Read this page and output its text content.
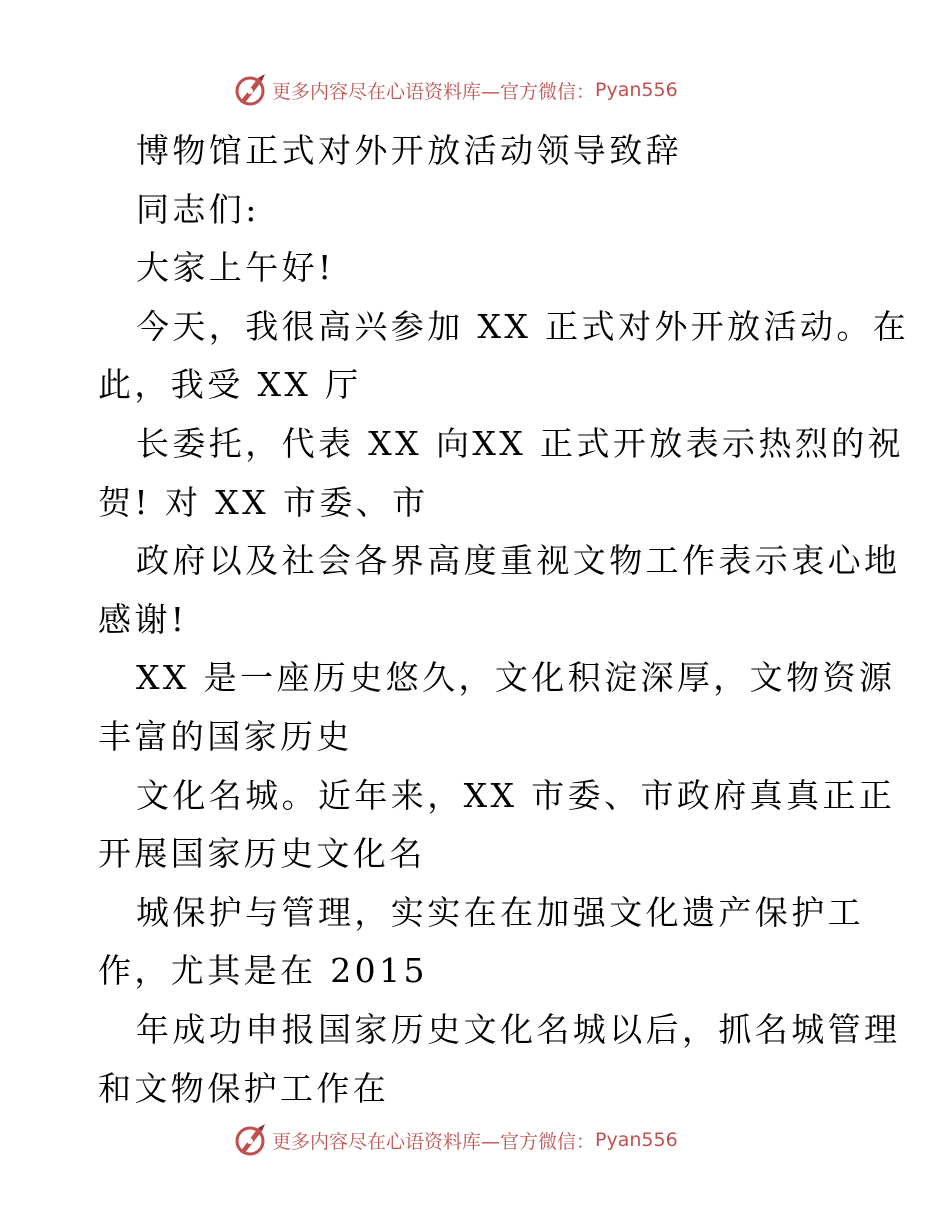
更多内容尽在心语资料库—官方微信： Pyan556
博物馆正式对外开放活动领导致辞
同志们:
大家上午好!
今天，我很高兴参加 XX 正式对外开放活动。在
此，我受 XX 厅
长委托，代表 XX 向XX 正式开放表示热烈的祝
贺! 对 XX 市委、市
政府以及社会各界高度重视文物工作表示衷心地
感谢!
XX 是一座历史悠久，文化积淀深厚，文物资源
丰富的国家历史
文化名城。近年来，XX 市委、市政府真真正正
开展国家历史文化名
城保护与管理，实实在在加强文化遗产保护工
作，尤其是在 2015
年成功申报国家历史文化名城以后，抓名城管理
和文物保护工作在
更多内容尽在心语资料库—官方微信： Pyan556
